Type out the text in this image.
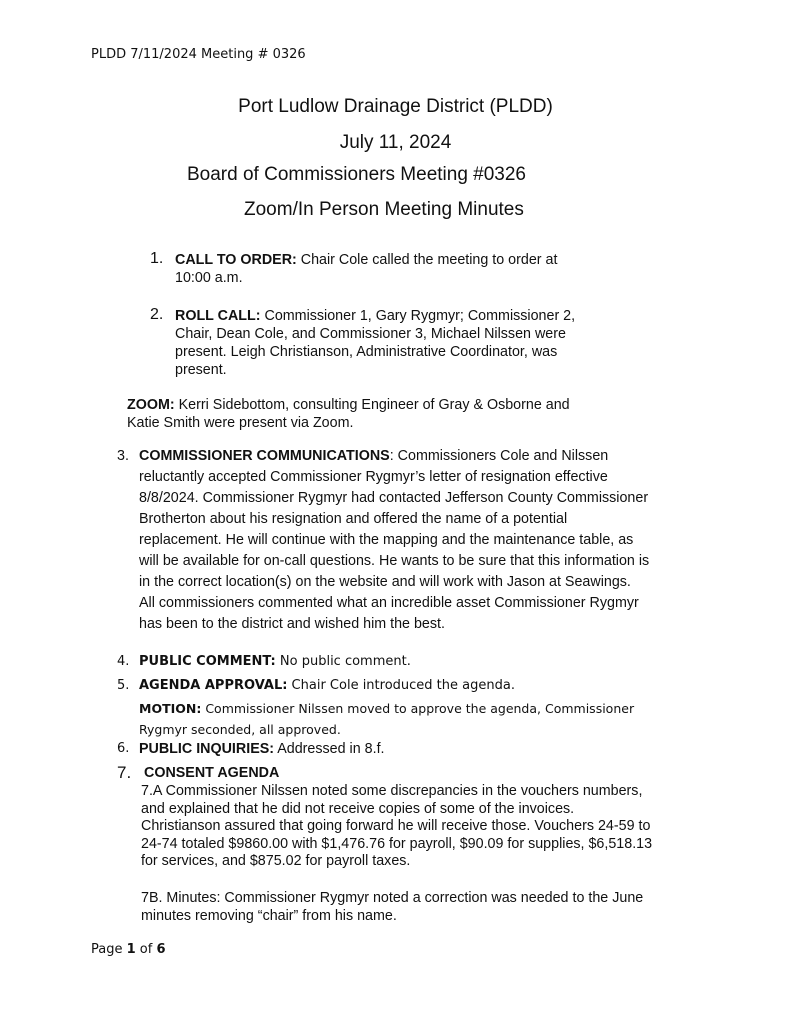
PLDD 7/11/2024 Meeting # 0326
Port Ludlow Drainage District (PLDD)
July 11, 2024
Board of Commissioners Meeting #0326
Zoom/In Person Meeting Minutes
1. CALL TO ORDER: Chair Cole called the meeting to order at
10:00 a.m.
2. ROLL CALL: Commissioner 1, Gary Rygmyr; Commissioner 2,
Chair, Dean Cole, and Commissioner 3, Michael Nilssen were
present. Leigh Christianson, Administrative Coordinator, was
present.
ZOOM: Kerri Sidebottom, consulting Engineer of Gray & Osborne and
Katie Smith were present via Zoom.
3. COMMISSIONER COMMUNICATIONS: Commissioners Cole and Nilssen
reluctantly accepted Commissioner Rygmyr’s letter of resignation effective
8/8/2024. Commissioner Rygmyr had contacted Jefferson County Commissioner
Brotherton about his resignation and offered the name of a potential
replacement. He will continue with the mapping and the maintenance table, as
will be available for on-call questions. He wants to be sure that this information is
in the correct location(s) on the website and will work with Jason at Seawings.
All commissioners commented what an incredible asset Commissioner Rygmyr
has been to the district and wished him the best.
4. PUBLIC COMMENT: No public comment.
5. AGENDA APPROVAL: Chair Cole introduced the agenda.
MOTION: Commissioner Nilssen moved to approve the agenda, Commissioner
Rygmyr seconded, all approved.
6. PUBLIC INQUIRIES: Addressed in 8.f.
7. CONSENT AGENDA
7.A Commissioner Nilssen noted some discrepancies in the vouchers numbers,
and explained that he did not receive copies of some of the invoices.
Christianson assured that going forward he will receive those. Vouchers 24-59 to
24-74 totaled $9860.00 with $1,476.76 for payroll, $90.09 for supplies, $6,518.13
for services, and $875.02 for payroll taxes.
7B. Minutes: Commissioner Rygmyr noted a correction was needed to the June
minutes removing “chair” from his name.
Page 1 of 6
